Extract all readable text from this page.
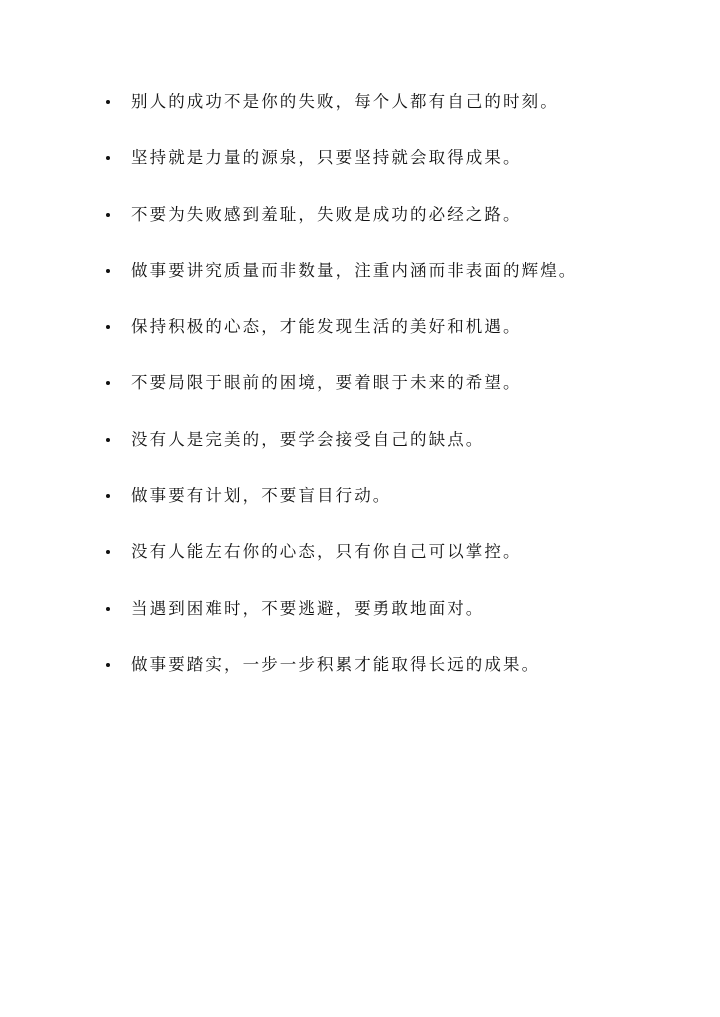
别人的成功不是你的失败，每个人都有自己的时刻。
坚持就是力量的源泉，只要坚持就会取得成果。
不要为失败感到羞耻，失败是成功的必经之路。
做事要讲究质量而非数量，注重内涵而非表面的辉煌。
保持积极的心态，才能发现生活的美好和机遇。
不要局限于眼前的困境，要着眼于未来的希望。
没有人是完美的，要学会接受自己的缺点。
做事要有计划，不要盲目行动。
没有人能左右你的心态，只有你自己可以掌控。
当遇到困难时，不要逃避，要勇敢地面对。
做事要踏实，一步一步积累才能取得长远的成果。
